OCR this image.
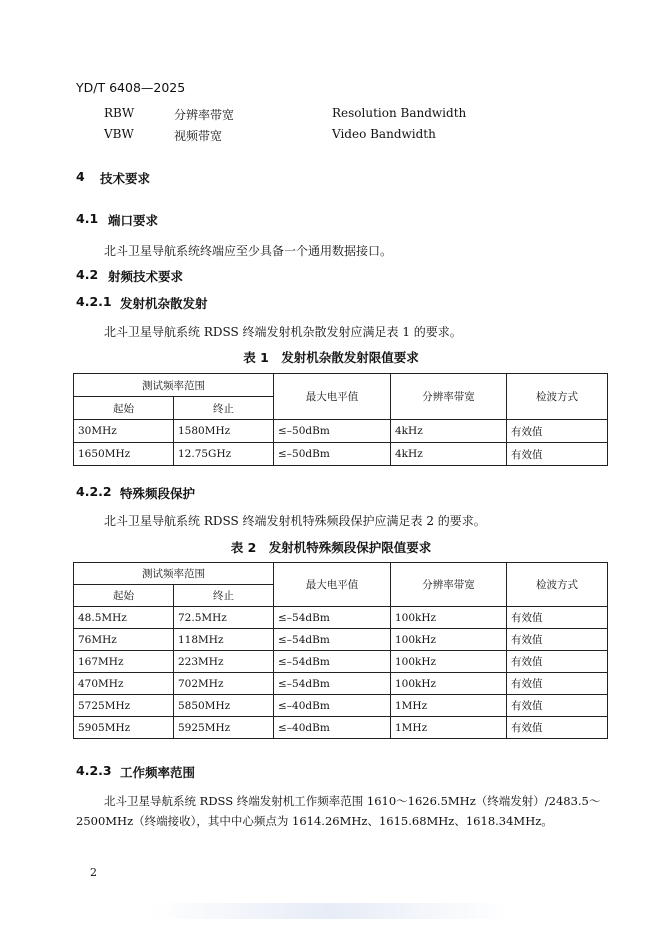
YD/T 6408—2025
RBW	分辨率带宽	Resolution Bandwidth
VBW	视频带宽	Video Bandwidth
4 技术要求
4.1 端口要求
北斗卫星导航系统终端应至少具备一个通用数据接口。
4.2 射频技术要求
4.2.1 发射机杂散发射
北斗卫星导航系统 RDSS 终端发射机杂散发射应满足表 1 的要求。
表 1　发射机杂散发射限值要求
测试频率范围		最大电平值	分辨率带宽	检波方式
起始	终止			
30MHz	1580MHz	≤–50dBm	4kHz	有效值
1650MHz	12.75GHz	≤–50dBm	4kHz	有效值
4.2.2 特殊频段保护
北斗卫星导航系统 RDSS 终端发射机特殊频段保护应满足表 2 的要求。
表 2　发射机特殊频段保护限值要求
测试频率范围		最大电平值	分辨率带宽	检波方式
起始	终止			
48.5MHz	72.5MHz	≤–54dBm	100kHz	有效值
76MHz	118MHz	≤–54dBm	100kHz	有效值
167MHz	223MHz	≤–54dBm	100kHz	有效值
470MHz	702MHz	≤–54dBm	100kHz	有效值
5725MHz	5850MHz	≤–40dBm	1MHz	有效值
5905MHz	5925MHz	≤–40dBm	1MHz	有效值
4.2.3 工作频率范围
北斗卫星导航系统 RDSS 终端发射机工作频率范围 1610～1626.5MHz（终端发射）/2483.5～
2500MHz（终端接收），其中中心频点为 1614.26MHz、1615.68MHz、1618.34MHz。
2
